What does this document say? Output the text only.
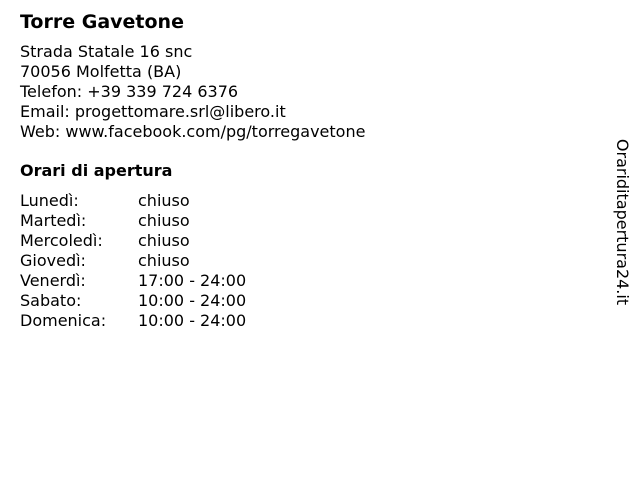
Torre Gavetone
Strada Statale 16 snc
70056 Molfetta (BA)
Telefon: +39 339 724 6376
Email: progettomare.srl@libero.it
Web: www.facebook.com/pg/torregavetone
Orari di apertura
Lunedì:	chiuso
Martedì:	chiuso
Mercoledì:	chiuso
Giovedì:	chiuso
Venerdì:	17:00 - 24:00
Sabato:	10:00 - 24:00
Domenica:	10:00 - 24:00
Orariditapertura24.it
